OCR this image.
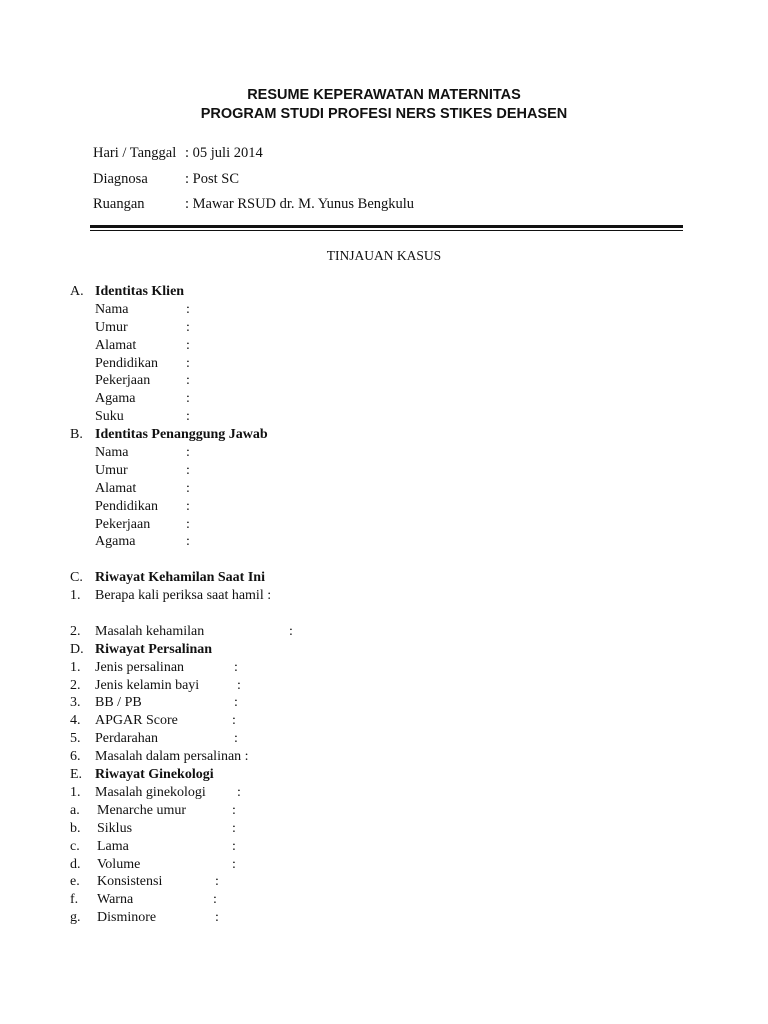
RESUME KEPERAWATAN MATERNITAS
PROGRAM STUDI PROFESI NERS STIKES DEHASEN
Hari / Tanggal : 05 juli 2014
Diagnosa	: Post SC
Ruangan	: Mawar RSUD dr. M. Yunus Bengkulu
TINJAUAN KASUS
A. Identitas Klien
Nama	:
Umur	:
Alamat	:
Pendidikan :
Pekerjaan	:
Agama	:
Suku	:
B. Identitas Penanggung Jawab
Nama	:
Umur	:
Alamat	:
Pendidikan :
Pekerjaan	:
Agama	:
C. Riwayat Kehamilan Saat Ini
1. Berapa kali periksa saat hamil :
2. Masalah kehamilan	:
D. Riwayat Persalinan
1. Jenis persalinan	:
2. Jenis kelamin bayi	:
3. BB / PB	:
4. APGAR Score	:
5. Perdarahan	:
6. Masalah dalam persalinan :
E. Riwayat Ginekologi
1. Masalah ginekologi :
a. Menarche umur	:
b. Siklus	:
c. Lama	:
d. Volume	:
e. Konsistensi	:
f. Warna	:
g. Disminore	:
